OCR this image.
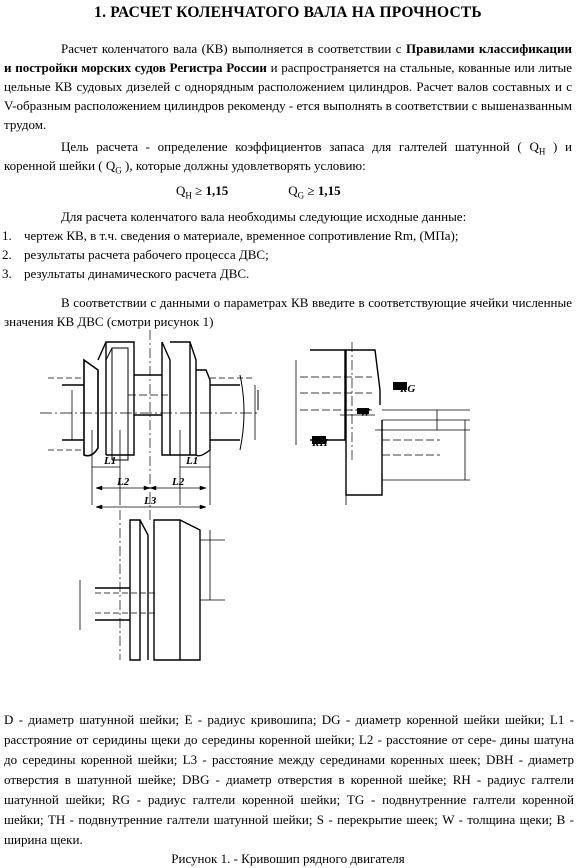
1. РАСЧЕТ КОЛЕНЧАТОГО ВАЛА НА ПРОЧНОСТЬ
Расчет коленчатого вала (КВ) выполняется в соответствии с Правилами классификации и постройки морских судов Регистра России и распространяется на стальные, кованные или литые цельные КВ судовых дизелей с однорядным расположением цилиндров. Расчет валов составных и с V-образным расположением цилиндров рекоменду - ется выполнять в соответствии с вышеназванным трудом.
Цель расчета - определение коэффициентов запаса для галтелей шатунной ( $Q_H$ ) и коренной шейки ( $Q_G$ ), которые должны удовлетворять условию:
$Q_H \ge 1,15$	$Q_G \ge 1,15$
Для расчета коленчатого вала необходимы следующие исходные данные:
1. чертеж КВ, в т.ч. сведения о материале, временное сопротивление Rm, (МПа);
2. результаты расчета рабочего процесса ДВС;
3. результаты динамического расчета ДВС.
В соответствии с данными о параметрах КВ введите в соответствующие ячейки численные значения КВ ДВС (смотри рисунок 1)
L1	L1
L2	L2
L3
RG
RH
W
D - диаметр шатунной шейки; E - радиус кривошипа; DG - диаметр коренной шейки шейки; L1 - расстрояние от серидины щеки до середины коренной шейки; L2 - расстояние от сере- дины шатуна до середины коренной шейки; L3 - расстояние между серединами коренных шеек; DBH - диаметр отверстия в шатунной шейке; DBG - диаметр отверстия в коренной шейке; RH - радиус галтели шатунной шейки; RG - радиус галтели коренной шейки; TG - подвнутренние галтели коренной шейки; TH - подвнутренние галтели шатунной шейки; S - перекрытие шеек; W - толщина щеки; B - ширина щеки.
Рисунок 1. - Кривошип рядного двигателя
